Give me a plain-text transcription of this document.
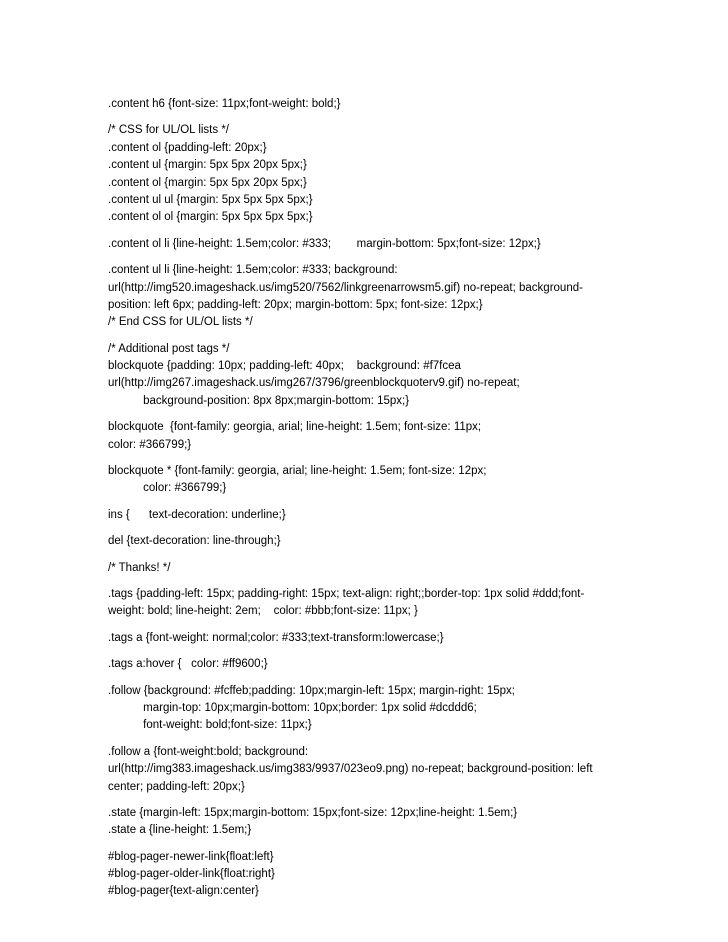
.content h6 {font-size: 11px;font-weight: bold;}
/* CSS for UL/OL lists */
.content ol {padding-left: 20px;}
.content ul {margin: 5px 5px 20px 5px;}
.content ol {margin: 5px 5px 20px 5px;}
.content ul ul {margin: 5px 5px 5px 5px;}
.content ol ol {margin: 5px 5px 5px 5px;}
.content ol li {line-height: 1.5em;color: #333;        margin-bottom: 5px;font-size: 12px;}
.content ul li {line-height: 1.5em;color: #333; background:
url(http://img520.imageshack.us/img520/7562/linkgreenarrowsm5.gif) no-repeat; background-
position: left 6px; padding-left: 20px; margin-bottom: 5px; font-size: 12px;}
/* End CSS for UL/OL lists */
/* Additional post tags */
blockquote {padding: 10px; padding-left: 40px;    background: #f7fcea
url(http://img267.imageshack.us/img267/3796/greenblockquoterv9.gif) no-repeat;
background-position: 8px 8px;margin-bottom: 15px;}
blockquote  {font-family: georgia, arial; line-height: 1.5em; font-size: 11px;
color: #366799;}
blockquote * {font-family: georgia, arial; line-height: 1.5em; font-size: 12px;
color: #366799;}
ins {      text-decoration: underline;}
del {text-decoration: line-through;}
/* Thanks! */
.tags {padding-left: 15px; padding-right: 15px; text-align: right;;border-top: 1px solid #ddd;font-
weight: bold; line-height: 2em;    color: #bbb;font-size: 11px; }
.tags a {font-weight: normal;color: #333;text-transform:lowercase;}
.tags a:hover {   color: #ff9600;}
.follow {background: #fcffeb;padding: 10px;margin-left: 15px; margin-right: 15px;
margin-top: 10px;margin-bottom: 10px;border: 1px solid #dcddd6;
font-weight: bold;font-size: 11px;}
.follow a {font-weight:bold; background:
url(http://img383.imageshack.us/img383/9937/023eo9.png) no-repeat; background-position: left
center; padding-left: 20px;}
.state {margin-left: 15px;margin-bottom: 15px;font-size: 12px;line-height: 1.5em;}
.state a {line-height: 1.5em;}
#blog-pager-newer-link{float:left}
#blog-pager-older-link{float:right}
#blog-pager{text-align:center}
